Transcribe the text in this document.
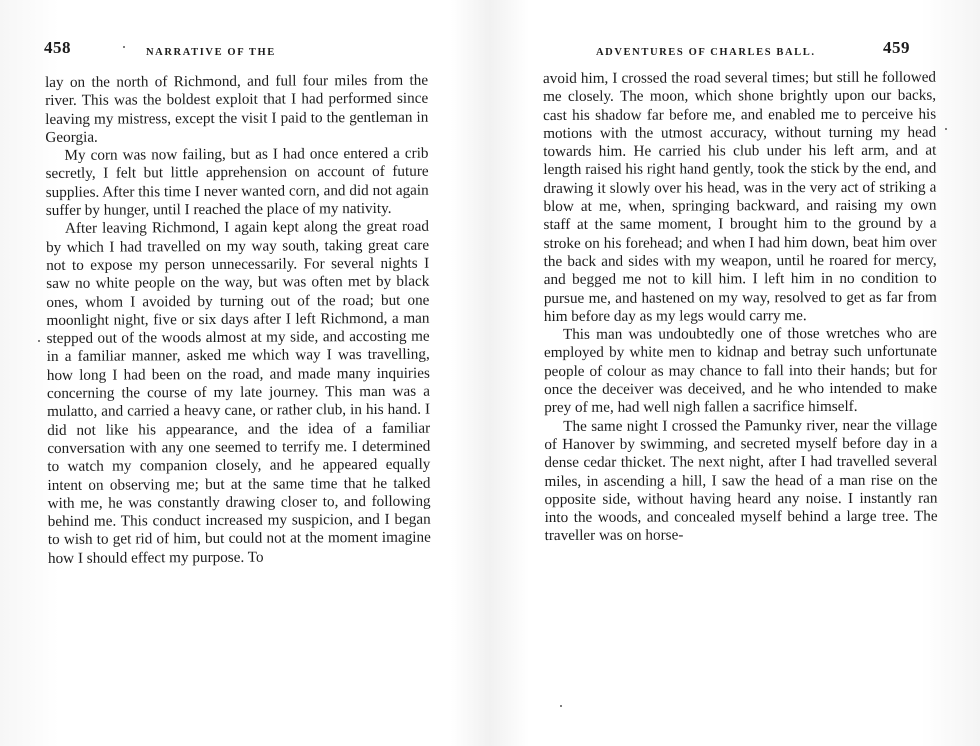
458	NARRATIVE OF THE

lay on the north of Richmond, and full four miles from the river. This was the boldest exploit that I had performed since leaving my mistress, except the visit I paid to the gentleman in Georgia.

My corn was now failing, but as I had once entered a crib secretly, I felt but little apprehension on account of future supplies. After this time I never wanted corn, and did not again suffer by hunger, until I reached the place of my nativity.

After leaving Richmond, I again kept along the great road by which I had travelled on my way south, taking great care not to expose my person unnecessarily. For several nights I saw no white people on the way, but was often met by black ones, whom I avoided by turning out of the road; but one moonlight night, five or six days after I left Richmond, a man stepped out of the woods almost at my side, and accosting me in a familiar manner, asked me which way I was travelling, how long I had been on the road, and made many inquiries concerning the course of my late journey. This man was a mulatto, and carried a heavy cane, or rather club, in his hand. I did not like his appearance, and the idea of a familiar conversation with any one seemed to terrify me. I determined to watch my companion closely, and he appeared equally intent on observing me; but at the same time that he talked with me, he was constantly drawing closer to, and following behind me. This conduct increased my suspicion, and I began to wish to get rid of him, but could not at the moment imagine how I should effect my purpose. To

ADVENTURES OF CHARLES BALL.	459

avoid him, I crossed the road several times; but still he followed me closely. The moon, which shone brightly upon our backs, cast his shadow far before me, and enabled me to perceive his motions with the utmost accuracy, without turning my head towards him. He carried his club under his left arm, and at length raised his right hand gently, took the stick by the end, and drawing it slowly over his head, was in the very act of striking a blow at me, when, springing backward, and raising my own staff at the same moment, I brought him to the ground by a stroke on his forehead; and when I had him down, beat him over the back and sides with my weapon, until he roared for mercy, and begged me not to kill him. I left him in no condition to pursue me, and hastened on my way, resolved to get as far from him before day as my legs would carry me.

This man was undoubtedly one of those wretches who are employed by white men to kidnap and betray such unfortunate people of colour as may chance to fall into their hands; but for once the deceiver was deceived, and he who intended to make prey of me, had well nigh fallen a sacrifice himself.

The same night I crossed the Pamunky river, near the village of Hanover by swimming, and secreted myself before day in a dense cedar thicket. The next night, after I had travelled several miles, in ascending a hill, I saw the head of a man rise on the opposite side, without having heard any noise. I instantly ran into the woods, and concealed myself behind a large tree. The traveller was on horse-
